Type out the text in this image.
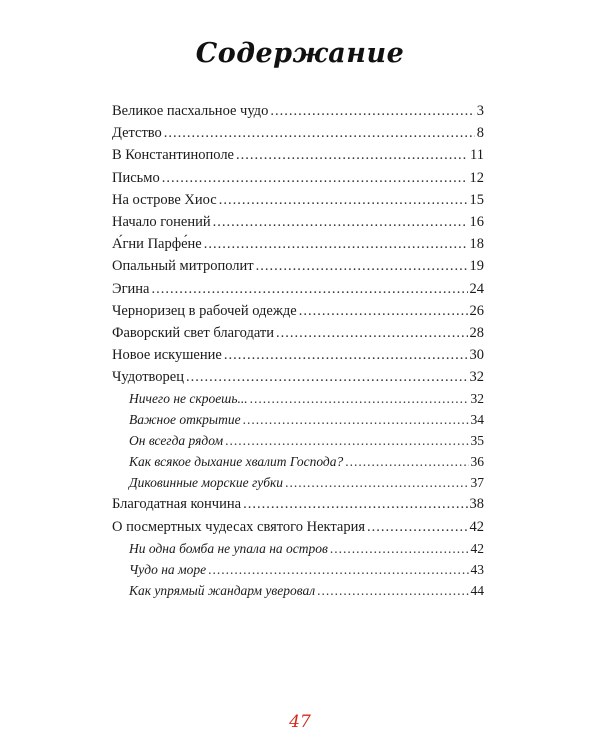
Содержание
Великое пасхальное чудо .....	3
Детство .....	8
В Константинополе .....	11
Письмо .....	12
На острове Хиос .....	15
Начало гонений .....	16
А́гни Парфе́не .....	18
Опальный митрополит .....	19
Эгина .....	24
Черноризец в рабочей одежде .....	26
Фаворский свет благодати .....	28
Новое искушение .....	30
Чудотворец .....	32
Ничего не скроешь... .....	32
Важное открытие .....	34
Он всегда рядом .....	35
Как всякое дыхание хвалит Господа? .....	36
Диковинные морские губки .....	37
Благодатная кончина .....	38
О посмертных чудесах святого Нектария .....	42
Ни одна бомба не упала на остров .....	42
Чудо на море .....	43
Как упрямый жандарм уверовал .....	44
47
